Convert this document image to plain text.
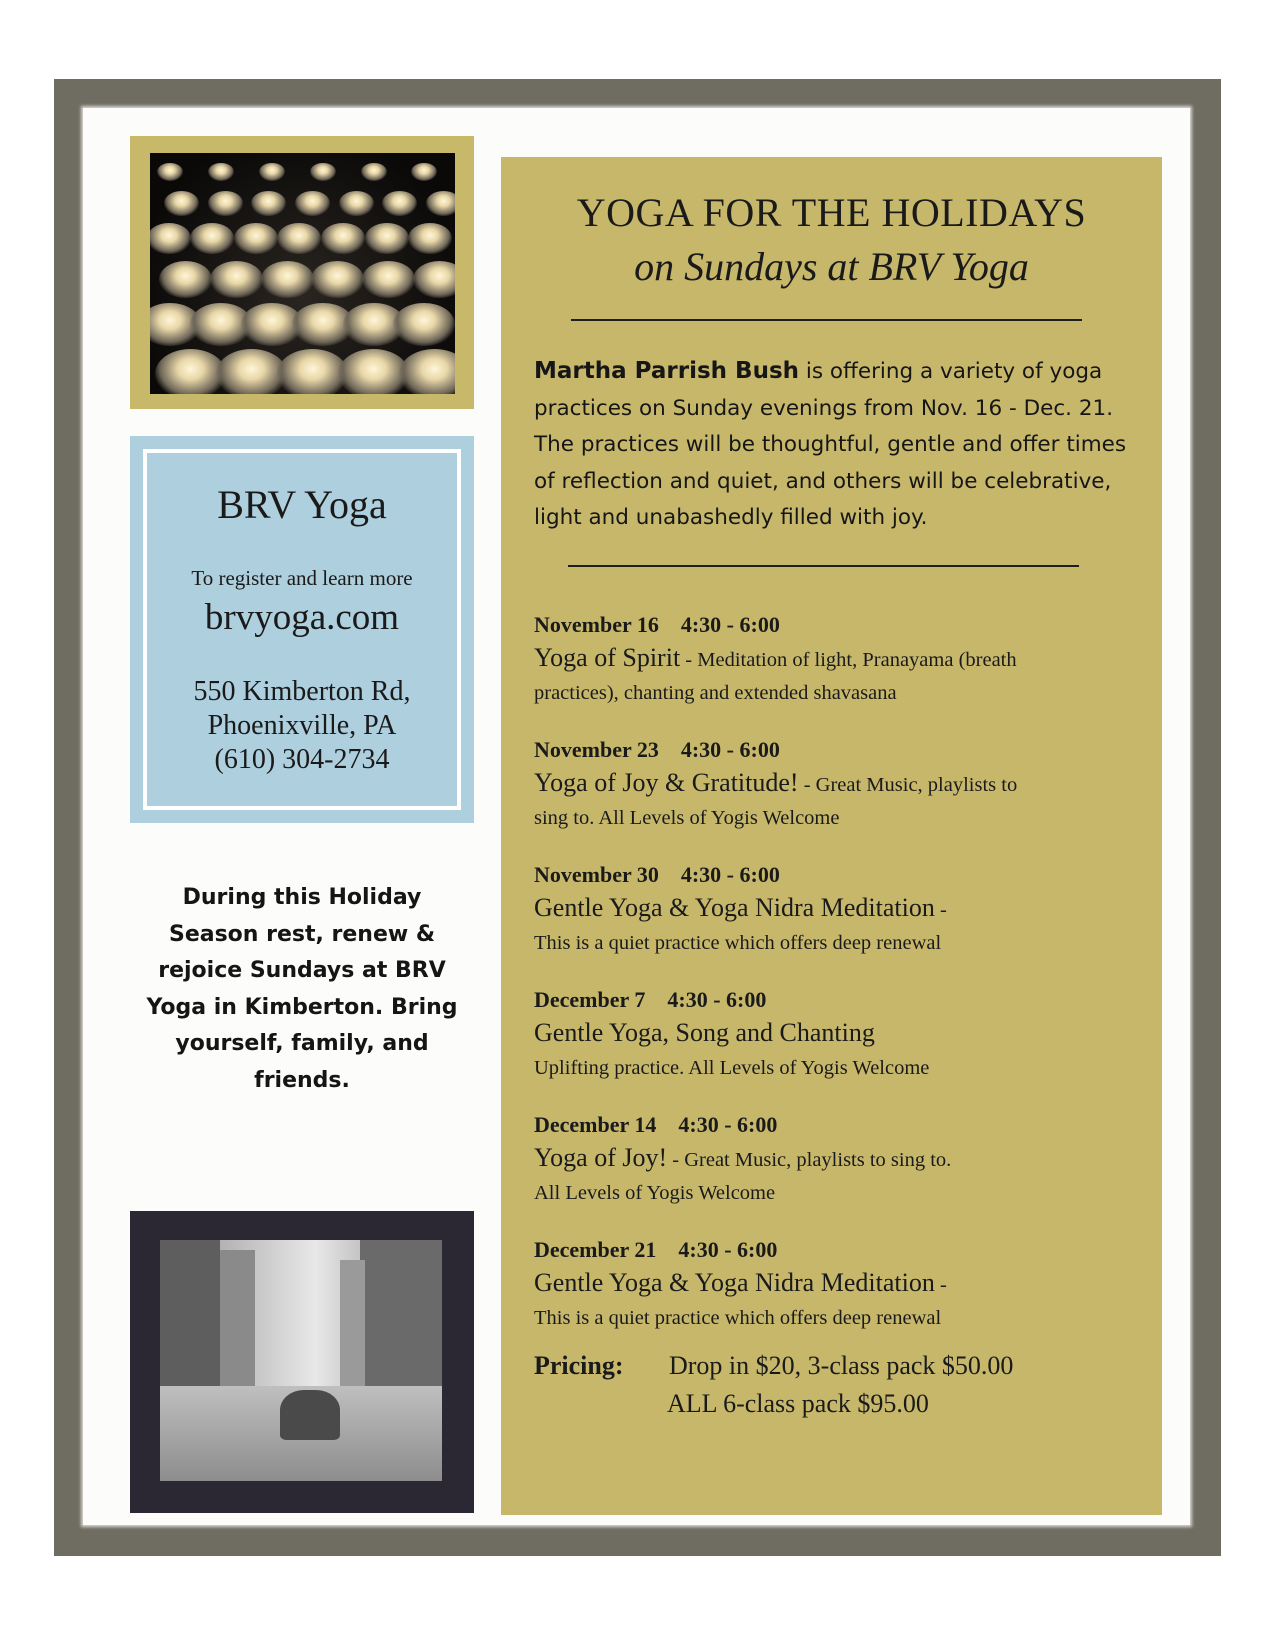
BRV Yoga
To register and learn more
brvyoga.com
550 Kimberton Rd,
Phoenixville, PA
(610) 304-2734
During this Holiday Season rest, renew & rejoice Sundays at BRV Yoga in Kimberton. Bring yourself, family, and friends.
YOGA FOR THE HOLIDAYS
on Sundays at BRV Yoga
Martha Parrish Bush is offering a variety of yoga practices on Sunday evenings from Nov. 16 - Dec. 21. The practices will be thoughtful, gentle and offer times of reflection and quiet, and others will be celebrative, light and unabashedly filled with joy.
November 16 4:30 - 6:00
Yoga of Spirit - Meditation of light, Pranayama (breath
practices), chanting and extended shavasana
November 23 4:30 - 6:00
Yoga of Joy & Gratitude! - Great Music, playlists to
sing to. All Levels of Yogis Welcome
November 30 4:30 - 6:00
Gentle Yoga & Yoga Nidra Meditation -
This is a quiet practice which offers deep renewal
December 7 4:30 - 6:00
Gentle Yoga, Song and Chanting
Uplifting practice. All Levels of Yogis Welcome
December 14 4:30 - 6:00
Yoga of Joy! - Great Music, playlists to sing to.
All Levels of Yogis Welcome
December 21 4:30 - 6:00
Gentle Yoga & Yoga Nidra Meditation -
This is a quiet practice which offers deep renewal
Pricing: Drop in $20, 3-class pack $50.00
ALL 6-class pack $95.00
